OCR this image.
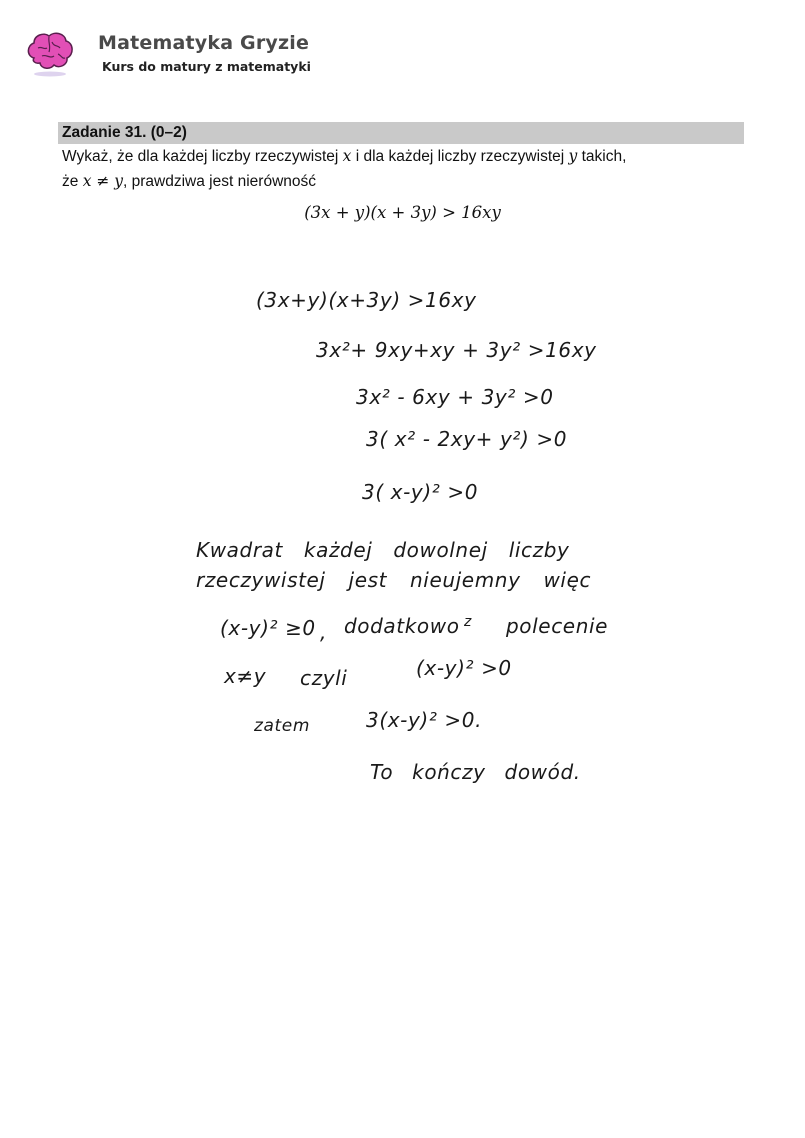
Matematyka Gryzie
Kurs do matury z matematyki
Zadanie 31. (0–2)
Wykaż, że dla każdej liczby rzeczywistej x i dla każdej liczby rzeczywistej y takich,
że x ≠ y, prawdziwa jest nierówność
(3x + y)(x + 3y) > 16xy
(3x+y)(x+3y) >16xy
3x²+ 9xy+xy + 3y² >16xy
3x² - 6xy + 3y² >0
3( x² - 2xy+ y²) >0
3( x-y)² >0
Kwadrat każdej dowolnej liczby
rzeczywistej jest nieujemny więc
(x-y)² ≥0 , dodatkowo z polecenie
x≠y czyli	(x-y)² >0
zatem	3(x-y)² >0.
To kończy dowód.
